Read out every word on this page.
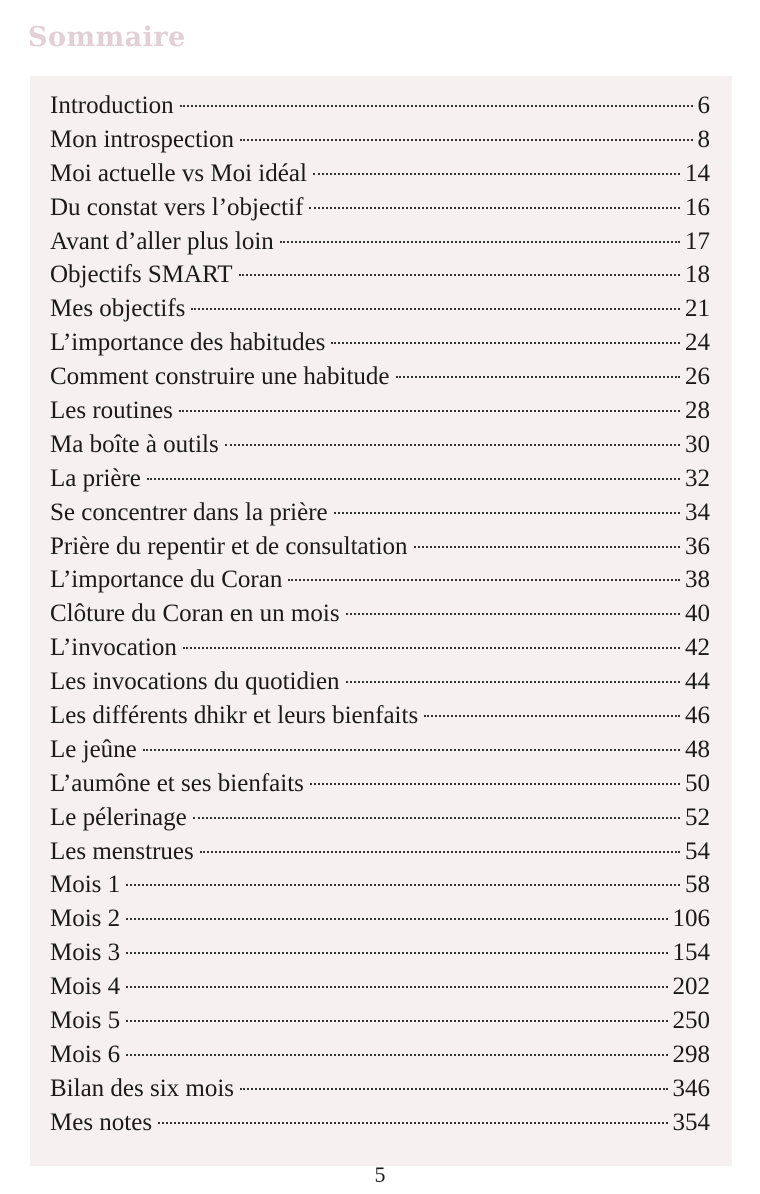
Sommaire
Introduction	6
Mon introspection	8
Moi actuelle vs Moi idéal	14
Du constat vers l’objectif	16
Avant d’aller plus loin	17
Objectifs SMART	18
Mes objectifs	21
L’importance des habitudes	24
Comment construire une habitude	26
Les routines	28
Ma boîte à outils	30
La prière	32
Se concentrer dans la prière	34
Prière du repentir et de consultation	36
L’importance du Coran	38
Clôture du Coran en un mois	40
L’invocation	42
Les invocations du quotidien	44
Les différents dhikr et leurs bienfaits	46
Le jeûne	48
L’aumône et ses bienfaits	50
Le pélerinage	52
Les menstrues	54
Mois 1	58
Mois 2	106
Mois 3	154
Mois 4	202
Mois 5	250
Mois 6	298
Bilan des six mois	346
Mes notes	354
5
